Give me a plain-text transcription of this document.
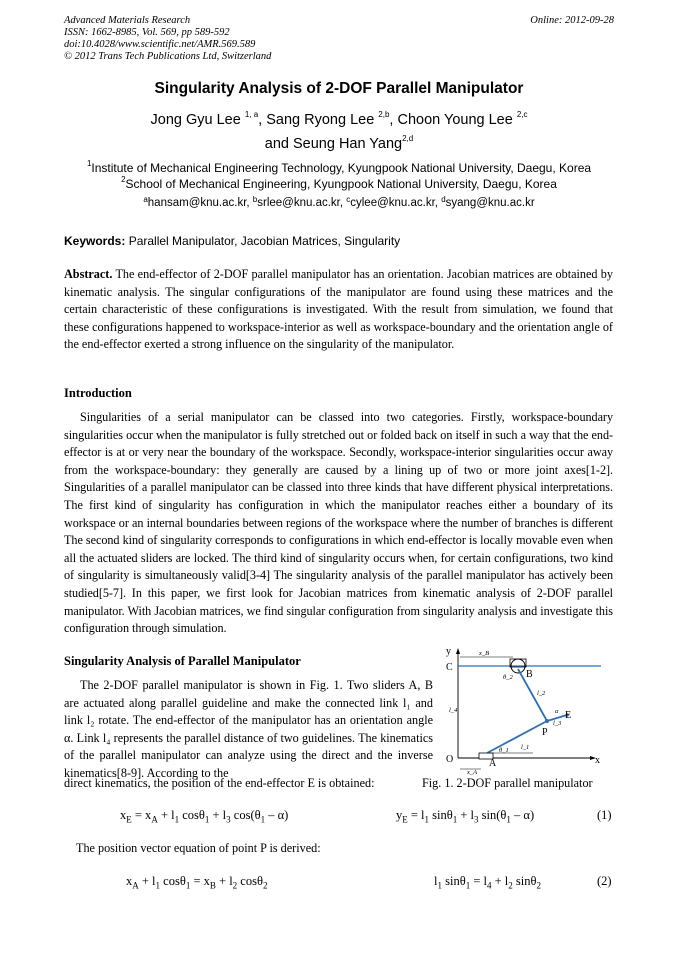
Advanced Materials Research
ISSN: 1662-8985, Vol. 569, pp 589-592
doi:10.4028/www.scientific.net/AMR.569.589
© 2012 Trans Tech Publications Ltd, Switzerland
Online: 2012-09-28
Singularity Analysis of 2-DOF Parallel Manipulator
Jong Gyu Lee $^{1, a}$, Sang Ryong Lee $^{2,b}$, Choon Young Lee $^{2,c}$
and Seung Han Yang$^{2,d}$
$^1$Institute of Mechanical Engineering Technology, Kyungpook National University, Daegu, Korea
$^2$School of Mechanical Engineering, Kyungpook National University, Daegu, Korea
$^a$hansam@knu.ac.kr, $^b$srlee@knu.ac.kr, $^c$cylee@knu.ac.kr, $^d$syang@knu.ac.kr
Keywords: Parallel Manipulator, Jacobian Matrices, Singularity
Abstract. The end-effector of 2-DOF parallel manipulator has an orientation. Jacobian matrices are obtained by kinematic analysis. The singular configurations of the manipulator are found using these matrices and the certain characteristic of these configurations is investigated. With the result from simulation, we found that these configurations happened to workspace-interior as well as workspace-boundary and the orientation angle of the end-effector exerted a strong influence on the singularity of the manipulator.
Introduction
Singularities of a serial manipulator can be classed into two categories. Firstly, workspace-boundary singularities occur when the manipulator is fully stretched out or folded back on itself in such a way that the end-effector is at or very near the boundary of the workspace. Secondly, workspace-interior singularities occur away from the workspace-boundary: they generally are caused by a lining up of two or more joint axes[1-2]. Singularities of a parallel manipulator can be classed into three kinds that have different physical interpretations. The first kind of singularity has configuration in which the manipulator reaches either a boundary of its workspace or an internal boundaries between regions of the workspace where the number of branches is different The second kind of singularity corresponds to configurations in which end-effector is locally movable even when all the actuated sliders are locked. The third kind of singularity occurs when, for certain configurations, two kind of singularity is simultaneously valid[3-4] The singularity analysis of the parallel manipulator has actively been studied[5-7]. In this paper, we first look for Jacobian matrices from kinematic analysis of 2-DOF parallel manipulator. With Jacobian matrices, we find singular configuration from singularity analysis and investigate this configuration through simulation.
Singularity Analysis of Parallel Manipulator
The 2-DOF parallel manipulator is shown in Fig. 1. Two sliders A, B are actuated along parallel guideline and make the connected link l₁ and link l₂ rotate. The end-effector of the manipulator has an orientation angle α. Link l₄ represents the parallel distance of two guidelines. The kinematics of the parallel manipulator can analyze using the direct and the inverse kinematics[8-9]. According to the
direct kinematics, the position of the end-effector E is obtained:	Fig. 1. 2-DOF parallel manipulator
y
C
O	x
A
B
P
E
x_B
x_A
l_4
l_2
l_1
l_3
θ_1
θ_2
α
$x_E = x_A + l_1$ $\cos\theta_1 + l_3$ $\cos(\theta_1 - \alpha)$	$y_E = l_1$ $\sin\theta_1 + l_3$ $\sin(\theta_1 - \alpha)$	(1)
The position vector equation of point P is derived:
$x_A + l_1$ $\cos\theta_1 = x_B + l_2$ cosθ$_2$	$l_1$ $\sin\theta_1 = l_4 + l_2$ sinθ$_2$	(2)
